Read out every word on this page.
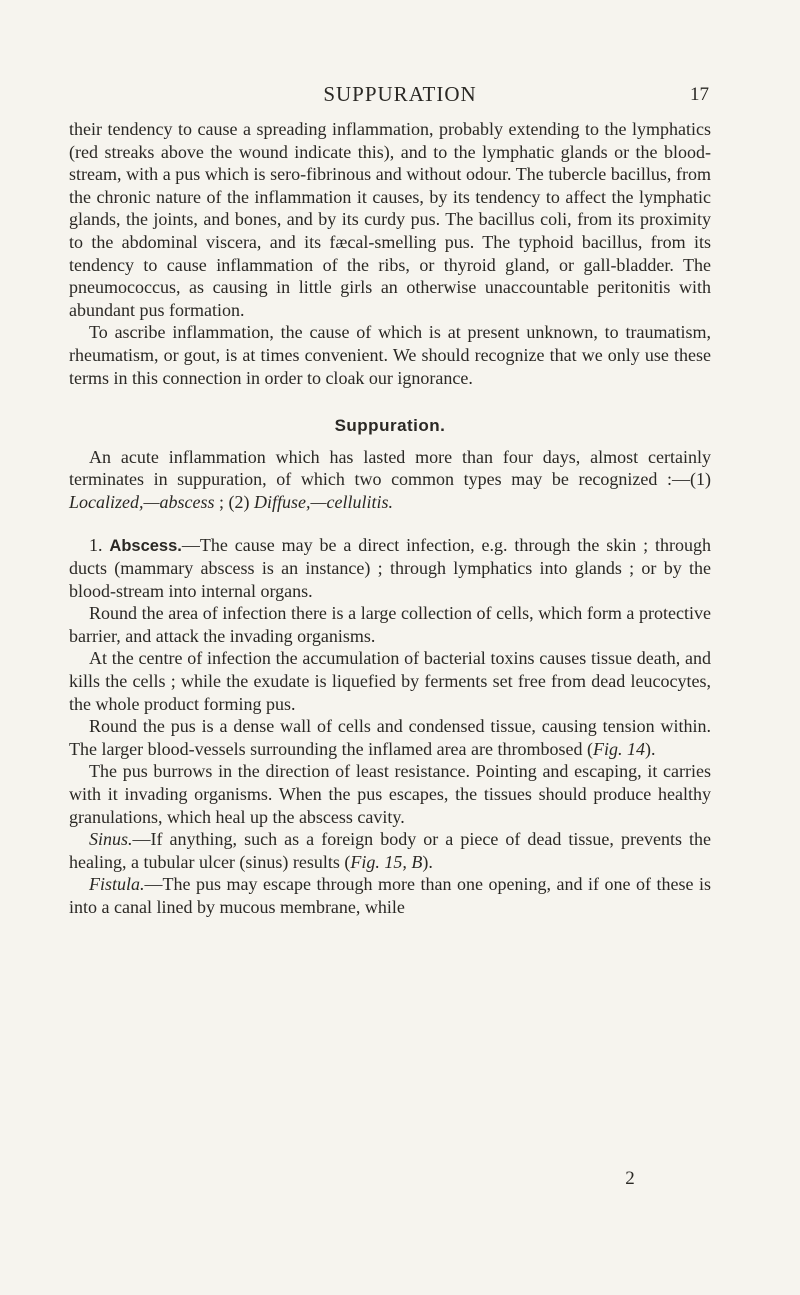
SUPPURATION	17

their tendency to cause a spreading inflammation, probably extending to the lymphatics (red streaks above the wound indicate this), and to the lymphatic glands or the blood-stream, with a pus which is sero-fibrinous and without odour. The tubercle bacillus, from the chronic nature of the inflammation it causes, by its tendency to affect the lymphatic glands, the joints, and bones, and by its curdy pus. The bacillus coli, from its proximity to the abdominal viscera, and its fæcal-smelling pus. The typhoid bacillus, from its tendency to cause inflammation of the ribs, or thyroid gland, or gall-bladder. The pneumococcus, as causing in little girls an otherwise unaccountable peritonitis with abundant pus formation.

To ascribe inflammation, the cause of which is at present unknown, to traumatism, rheumatism, or gout, is at times convenient. We should recognize that we only use these terms in this connection in order to cloak our ignorance.

Suppuration.

An acute inflammation which has lasted more than four days, almost certainly terminates in suppuration, of which two common types may be recognized :—(1) Localized,—abscess ; (2) Diffuse,—cellulitis.

1. Abscess.—The cause may be a direct infection, e.g. through the skin ; through ducts (mammary abscess is an instance) ; through lymphatics into glands ; or by the blood-stream into internal organs.

Round the area of infection there is a large collection of cells, which form a protective barrier, and attack the invading organisms.

At the centre of infection the accumulation of bacterial toxins causes tissue death, and kills the cells ; while the exudate is liquefied by ferments set free from dead leucocytes, the whole product forming pus.

Round the pus is a dense wall of cells and condensed tissue, causing tension within. The larger blood-vessels surrounding the inflamed area are thrombosed (Fig. 14).

The pus burrows in the direction of least resistance. Pointing and escaping, it carries with it invading organisms. When the pus escapes, the tissues should produce healthy granulations, which heal up the abscess cavity.

Sinus.—If anything, such as a foreign body or a piece of dead tissue, prevents the healing, a tubular ulcer (sinus) results (Fig. 15, B).

Fistula.—The pus may escape through more than one opening, and if one of these is into a canal lined by mucous membrane, while

2
